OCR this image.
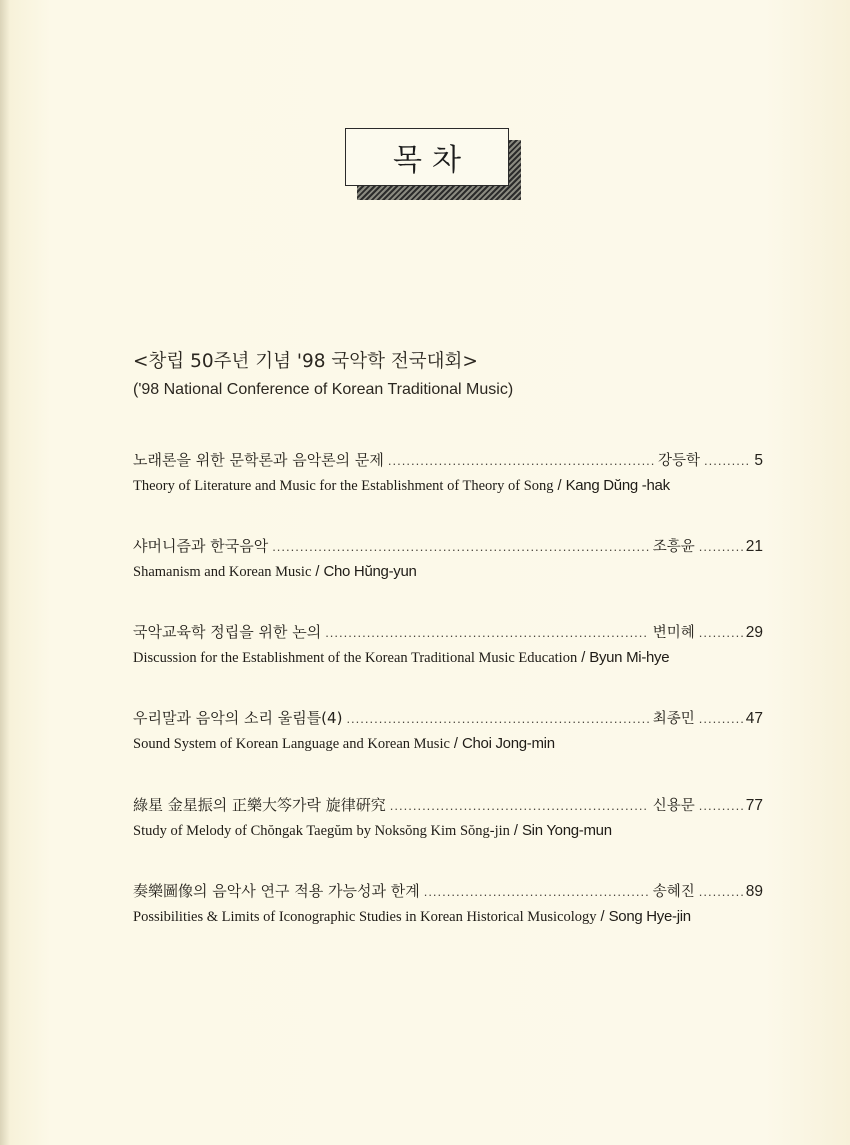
목차
<창립 50주년 기념 '98 국악학 전국대회>
('98 National Conference of Korean Traditional Music)
노래론을 위한 문학론과 음악론의 문제 .....	강등학 .....	5
Theory of Literature and Music for the Establishment of Theory of Song / Kang Dŭng -hak
샤머니즘과 한국음악 .....	조흥윤 .....	21
Shamanism and Korean Music / Cho Hŭng-yun
국악교육학 정립을 위한 논의 .....	변미혜 .....	29
Discussion for the Establishment of the Korean Traditional Music Education / Byun Mi-hye
우리말과 음악의 소리 울림틀(4) .....	최종민 .....	47
Sound System of Korean Language and Korean Music / Choi Jong-min
綠星 金星振의 正樂大笒가락 旋律硏究 .....	신용문 .....	77
Study of Melody of Chŏngak Taegŭm by Noksŏng Kim Sŏng-jin / Sin Yong-mun
奏樂圖像의 음악사 연구 적용 가능성과 한계 .....	송혜진 .....	89
Possibilities & Limits of Iconographic Studies in Korean Historical Musicology / Song Hye-jin
